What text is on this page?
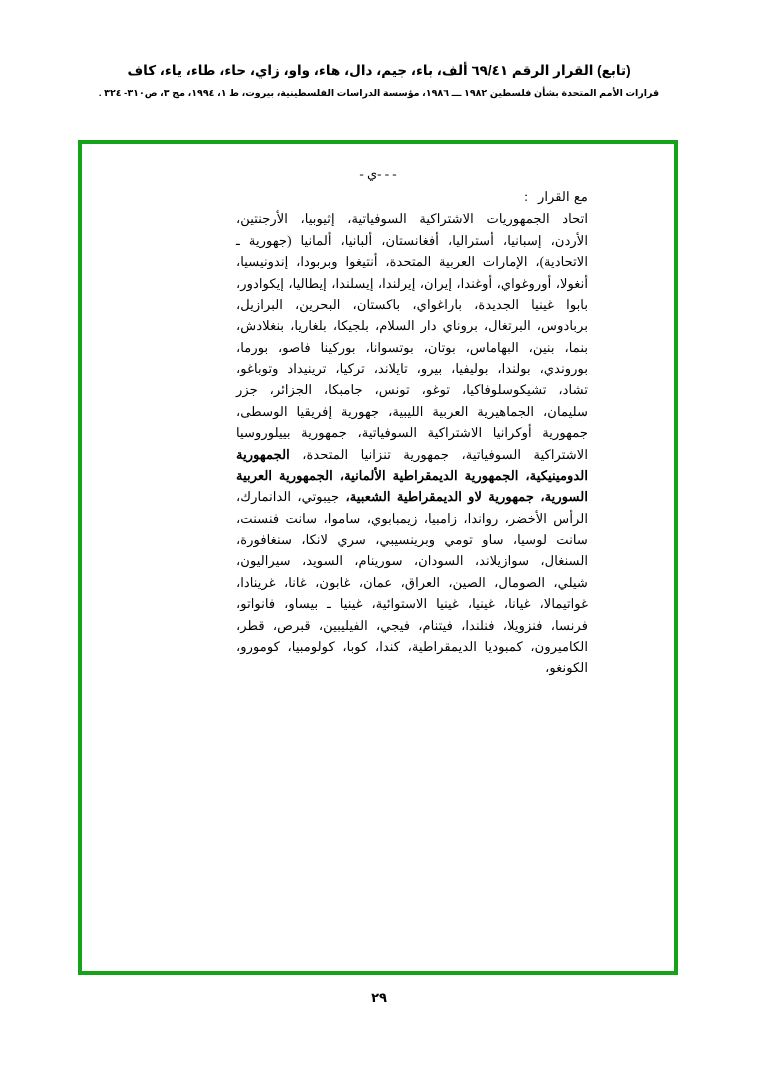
(تابع) القرار الرقم ٦٩/٤١ ألف، باء، جيم، دال، هاء، واو، زاي، حاء، طاء، ياء، كاف
قرارات الأمم المتحدة بشأن فلسطين ١٩٨٢ ـــ ١٩٨٦، مؤسسة الدراسات الفلسطينية، بيروت، ط ١، ١٩٩٤، مج ٣، ص٣١٠- ٣٢٤ .
- - -ي -
مع القرار
:

اتحاد الجمهوريات الاشتراكية السوفياتية، إثيوبيا، الأرجنتين، الأردن، إسبانيا، أستراليا، أفغانستان، ألبانيا، ألمانيا (جهورية ـ الاتحادية)، الإمارات العربية المتحدة، أنتيغوا وبربودا، إندونيسيا، أنغولا، أوروغواي، أوغندا، إيران، إيرلندا، إيسلندا، إيطاليا، إيكوادور، بابوا غينيا الجديدة، باراغواي، باكستان، البحرين، البرازيل، بربادوس، البرتغال، بروناي دار السلام، بلجيكا، بلغاريا، بنغلادش، بنما، بنين، البهاماس، بوتان، بوتسوانا، بوركينا فاصو، بورما، بوروندي، بولندا، بوليفيا، بيرو، تايلاند، تركيا، ترينيداد وتوباغو، تشاد، تشيكوسلوفاكيا، توغو، تونس، جامبكا، الجزائر، جزر سليمان، الجماهيرية العربية الليبية، جهورية إفريقيا الوسطى، جمهورية أوكرانيا الاشتراكية السوفياتية، جمهورية بييلوروسيا الاشتراكية السوفياتية، جمهورية تنزانيا المتحدة، الجمهورية الدومينيكية، الجمهورية الديمقراطية الألمانية، الجمهورية العربية السورية، جمهورية لاو الديمقراطية الشعبية، جيبوتي، الدانمارك، الرأس الأخضر، رواندا، زامبيا، زيمبابوي، ساموا، سانت فنسنت، سانت لوسيا، ساو تومي وبرينسيبي، سري لانكا، سنغافورة، السنغال، سوازيلاند، السودان، سورينام، السويد، سيراليون، شيلي، الصومال، الصين، العراق، عمان، غابون، غانا، غرينادا، غواتيمالا، غيانا، غينيا، غينيا الاستوائية، غينيا ـ بيساو، فانواتو، فرنسا، فنزويلا، فنلندا، فيتنام، فيجي، الفيليبين، قبرص، قطر، الكاميرون، كمبوديا الديمقراطية، كندا، كوبا، كولومبيا، كومورو، الكونغو،

٢٩
